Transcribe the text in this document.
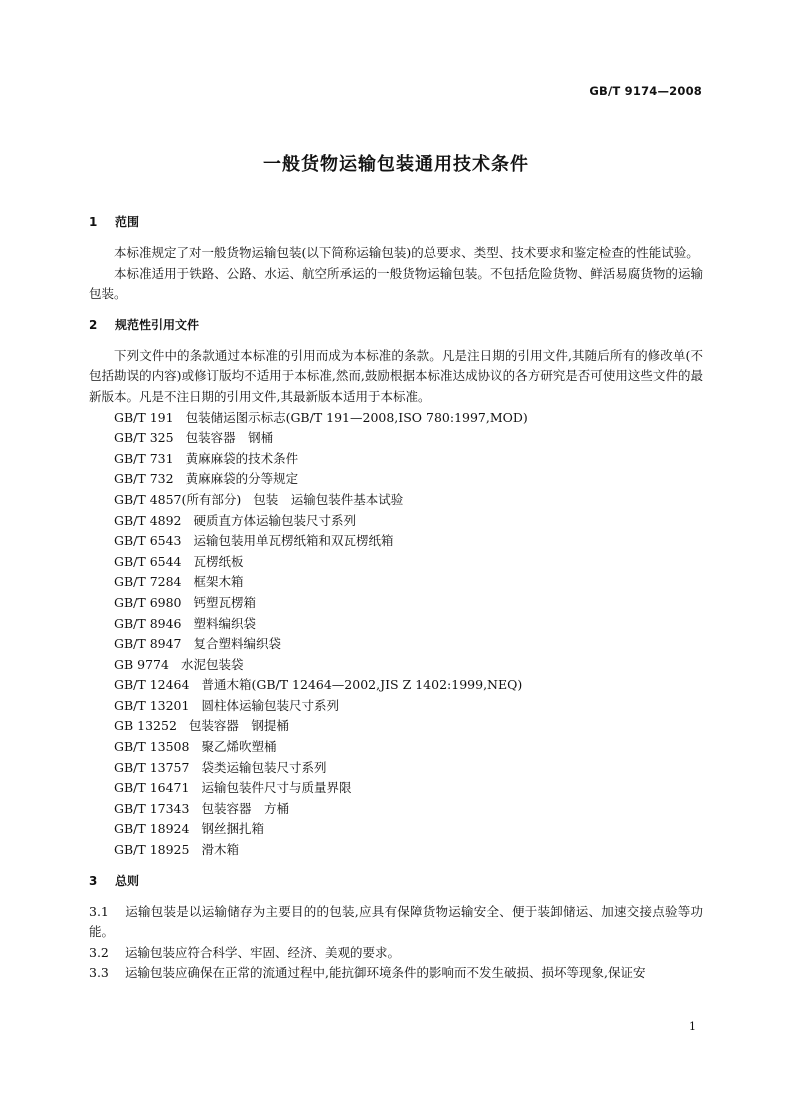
GB/T 9174—2008
一般货物运输包装通用技术条件
1 范围

本标准规定了对一般货物运输包装(以下简称运输包装)的总要求、类型、技术要求和鉴定检查的性能试验。

本标准适用于铁路、公路、水运、航空所承运的一般货物运输包装。不包括危险货物、鲜活易腐货物的运输包装。

2 规范性引用文件

下列文件中的条款通过本标准的引用而成为本标准的条款。凡是注日期的引用文件,其随后所有的修改单(不包括勘误的内容)或修订版均不适用于本标准,然而,鼓励根据本标准达成协议的各方研究是否可使用这些文件的最新版本。凡是不注日期的引用文件,其最新版本适用于本标准。

GB/T 191 包装储运图示标志(GB/T 191—2008,ISO 780:1997,MOD)
GB/T 325 包装容器　钢桶
GB/T 731 黄麻麻袋的技术条件
GB/T 732 黄麻麻袋的分等规定
GB/T 4857(所有部分) 包装　运输包装件基本试验
GB/T 4892 硬质直方体运输包装尺寸系列
GB/T 6543 运输包装用单瓦楞纸箱和双瓦楞纸箱
GB/T 6544 瓦楞纸板
GB/T 7284 框架木箱
GB/T 6980 钙塑瓦楞箱
GB/T 8946 塑料编织袋
GB/T 8947 复合塑料编织袋
GB 9774 水泥包装袋
GB/T 12464 普通木箱(GB/T 12464—2002,JIS Z 1402:1999,NEQ)
GB/T 13201 圆柱体运输包装尺寸系列
GB 13252 包装容器　钢提桶
GB/T 13508 聚乙烯吹塑桶
GB/T 13757 袋类运输包装尺寸系列
GB/T 16471 运输包装件尺寸与质量界限
GB/T 17343 包装容器　方桶
GB/T 18924 钢丝捆扎箱
GB/T 18925 滑木箱
3 总则

3.1 运输包装是以运输储存为主要目的的包装,应具有保障货物运输安全、便于装卸储运、加速交接点验等功能。

3.2 运输包装应符合科学、牢固、经济、美观的要求。

3.3 运输包装应确保在正常的流通过程中,能抗御环境条件的影响而不发生破损、损坏等现象,保证安

1
